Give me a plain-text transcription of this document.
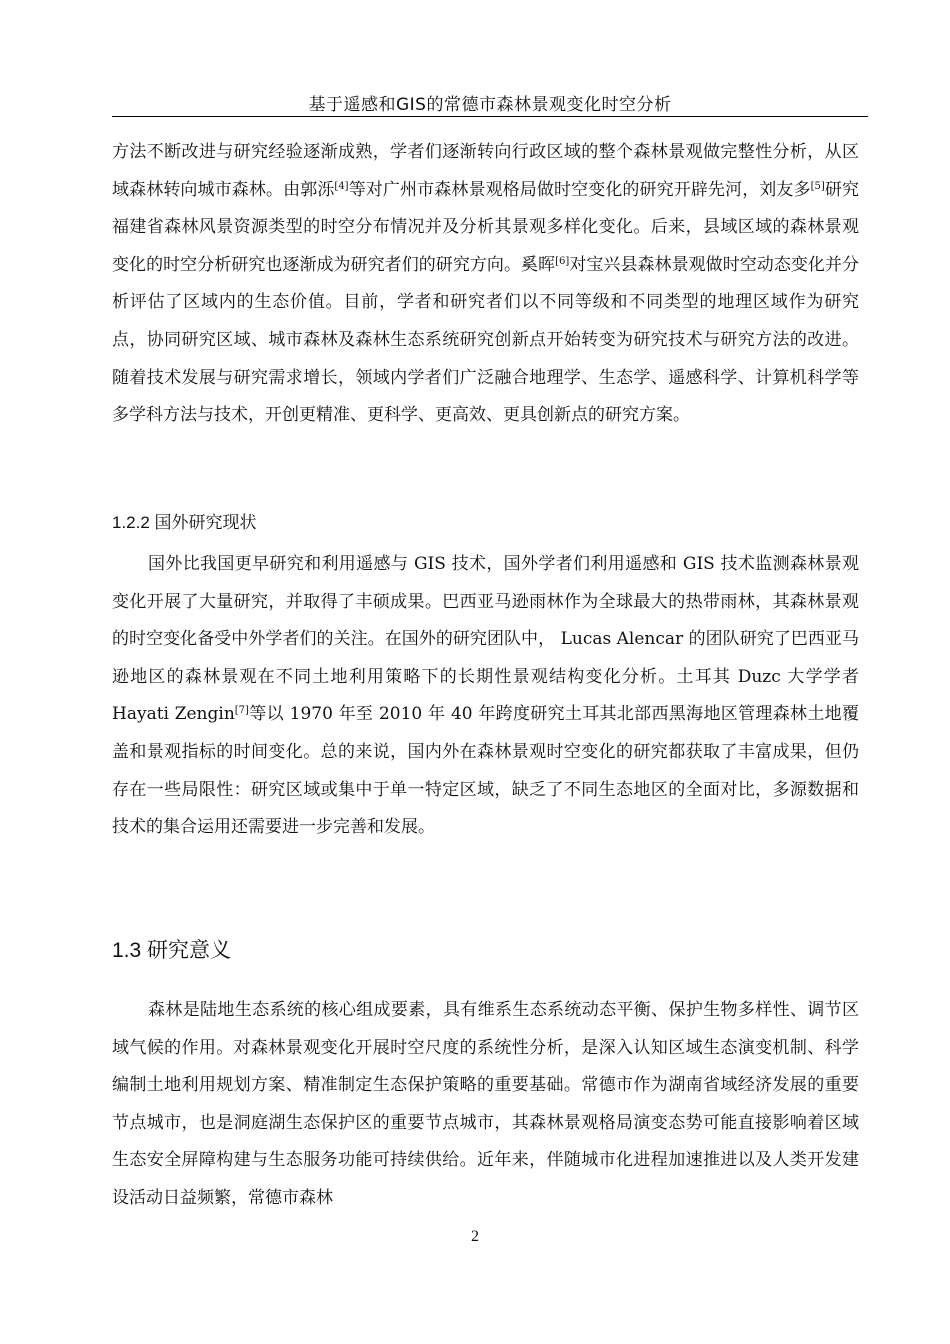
基于遥感和GIS的常德市森林景观变化时空分析

方法不断改进与研究经验逐渐成熟，学者们逐渐转向行政区域的整个森林景观做完整性分析，从区域森林转向城市森林。由郭泺[4]等对广州市森林景观格局做时空变化的研究开辟先河，刘友多[5]研究福建省森林风景资源类型的时空分布情况并及分析其景观多样化变化。后来，县域区域的森林景观变化的时空分析研究也逐渐成为研究者们的研究方向。奚晖[6]对宝兴县森林景观做时空动态变化并分析评估了区域内的生态价值。目前，学者和研究者们以不同等级和不同类型的地理区域作为研究点，协同研究区域、城市森林及森林生态系统研究创新点开始转变为研究技术与研究方法的改进。随着技术发展与研究需求增长，领域内学者们广泛融合地理学、生态学、遥感科学、计算机科学等多学科方法与技术，开创更精准、更科学、更高效、更具创新点的研究方案。

1.2.2 国外研究现状

国外比我国更早研究和利用遥感与 GIS 技术，国外学者们利用遥感和 GIS 技术监测森林景观变化开展了大量研究，并取得了丰硕成果。巴西亚马逊雨林作为全球最大的热带雨林，其森林景观的时空变化备受中外学者们的关注。在国外的研究团队中， Lucas Alencar 的团队研究了巴西亚马逊地区的森林景观在不同土地利用策略下的长期性景观结构变化分析。土耳其 Duzc 大学学者 Hayati Zengin[7]等以 1970 年至 2010 年 40 年跨度研究土耳其北部西黑海地区管理森林土地覆盖和景观指标的时间变化。总的来说，国内外在森林景观时空变化的研究都获取了丰富成果，但仍存在一些局限性：研究区域或集中于单一特定区域，缺乏了不同生态地区的全面对比，多源数据和技术的集合运用还需要进一步完善和发展。

1.3 研究意义

森林是陆地生态系统的核心组成要素，具有维系生态系统动态平衡、保护生物多样性、调节区域气候的作用。对森林景观变化开展时空尺度的系统性分析，是深入认知区域生态演变机制、科学编制土地利用规划方案、精准制定生态保护策略的重要基础。常德市作为湖南省域经济发展的重要节点城市，也是洞庭湖生态保护区的重要节点城市，其森林景观格局演变态势可能直接影响着区域生态安全屏障构建与生态服务功能可持续供给。近年来，伴随城市化进程加速推进以及人类开发建设活动日益频繁，常德市森林

2
